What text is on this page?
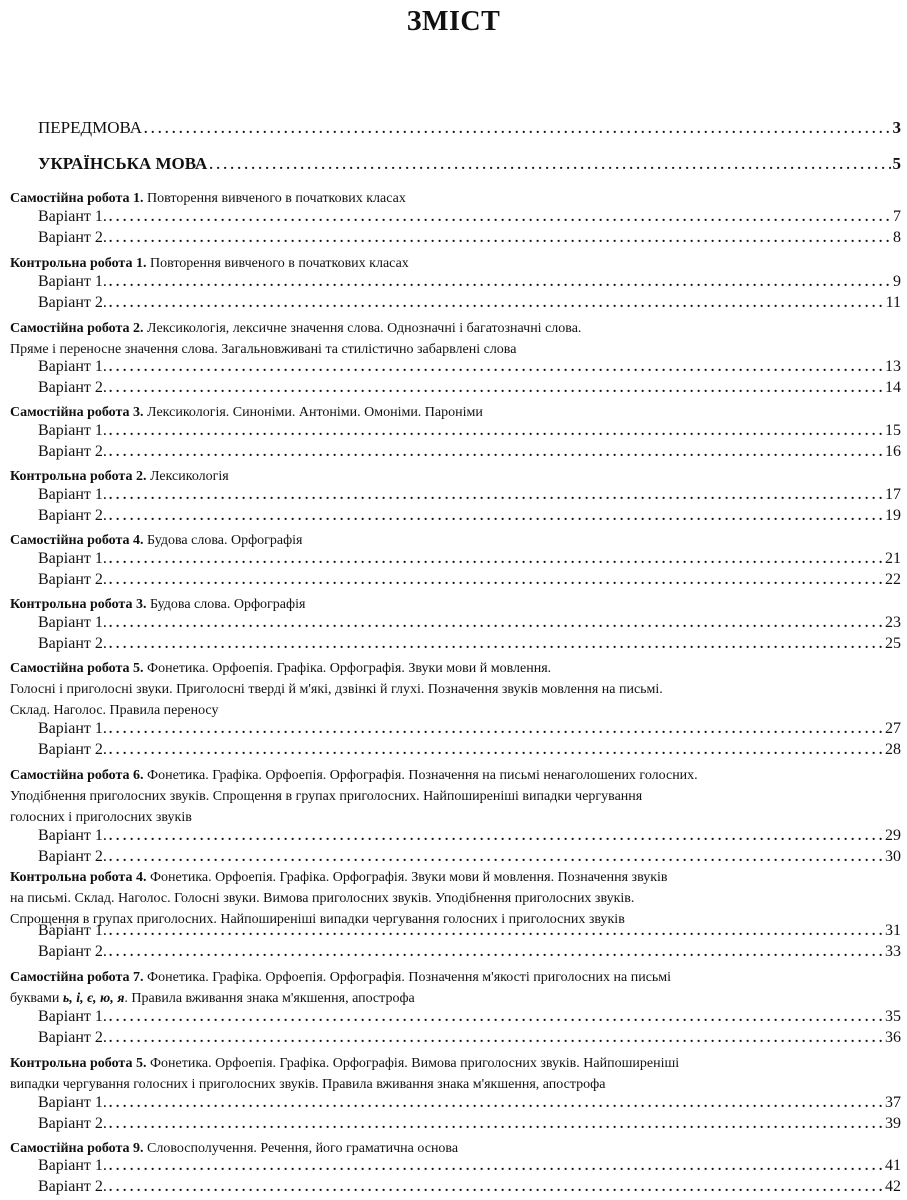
ЗМІСТ
ПЕРЕДМОВА . . .	3
УКРАЇНСЬКА МОВА . . .	5
Самостійна робота 1. Повторення вивченого в початкових класах
Варіант 1. . . .	7
Варіант 2. . . .	8
Контрольна робота 1. Повторення вивченого в початкових класах
Варіант 1. . . .	9
Варіант 2. . . .	11
Самостійна робота 2. Лексикологія, лексичне значення слова. Однозначні і багатозначні слова.
Пряме і переносне значення слова. Загальновживані та стилістично забарвлені слова
Варіант 1. . . .	13
Варіант 2. . . .	14
Самостійна робота 3. Лексикологія. Синоніми. Антоніми. Омоніми. Пароніми
Варіант 1. . . .	15
Варіант 2. . . .	16
Контрольна робота 2. Лексикологія
Варіант 1. . . .	17
Варіант 2. . . .	19
Самостійна робота 4. Будова слова. Орфографія
Варіант 1. . . .	21
Варіант 2. . . .	22
Контрольна робота 3. Будова слова. Орфографія
Варіант 1. . . .	23
Варіант 2. . . .	25
Самостійна робота 5. Фонетика. Орфоепія. Графіка. Орфографія. Звуки мови й мовлення.
Голосні і приголосні звуки. Приголосні тверді й м'які, дзвінкі й глухі. Позначення звуків мовлення на письмі.
Склад. Наголос. Правила переносу
Варіант 1. . . .	27
Варіант 2. . . .	28
Самостійна робота 6. Фонетика. Графіка. Орфоепія. Орфографія. Позначення на письмі ненаголошених голосних.
Уподібнення приголосних звуків. Спрощення в групах приголосних. Найпоширеніші випадки чергування
голосних і приголосних звуків
Варіант 1. . . .	29
Варіант 2. . . .	30
Контрольна робота 4. Фонетика. Орфоепія. Графіка. Орфографія. Звуки мови й мовлення. Позначення звуків
на письмі. Склад. Наголос. Голосні звуки. Вимова приголосних звуків. Уподібнення приголосних звуків.
Спрощення в групах приголосних. Найпоширеніші випадки чергування голосних і приголосних звуків
Варіант 1. . . .	31
Варіант 2. . . .	33
Самостійна робота 7. Фонетика. Графіка. Орфоепія. Орфографія. Позначення м'якості приголосних на письмі
буквами ь, і, є, ю, я. Правила вживання знака м'якшення, апострофа
Варіант 1. . . .	35
Варіант 2. . . .	36
Контрольна робота 5. Фонетика. Орфоепія. Графіка. Орфографія. Вимова приголосних звуків. Найпоширеніші
випадки чергування голосних і приголосних звуків. Правила вживання знака м'якшення, апострофа
Варіант 1. . . .	37
Варіант 2. . . .	39
Самостійна робота 9. Словосполучення. Речення, його граматична основа
Варіант 1. . . .	41
Варіант 2. . . .	42
